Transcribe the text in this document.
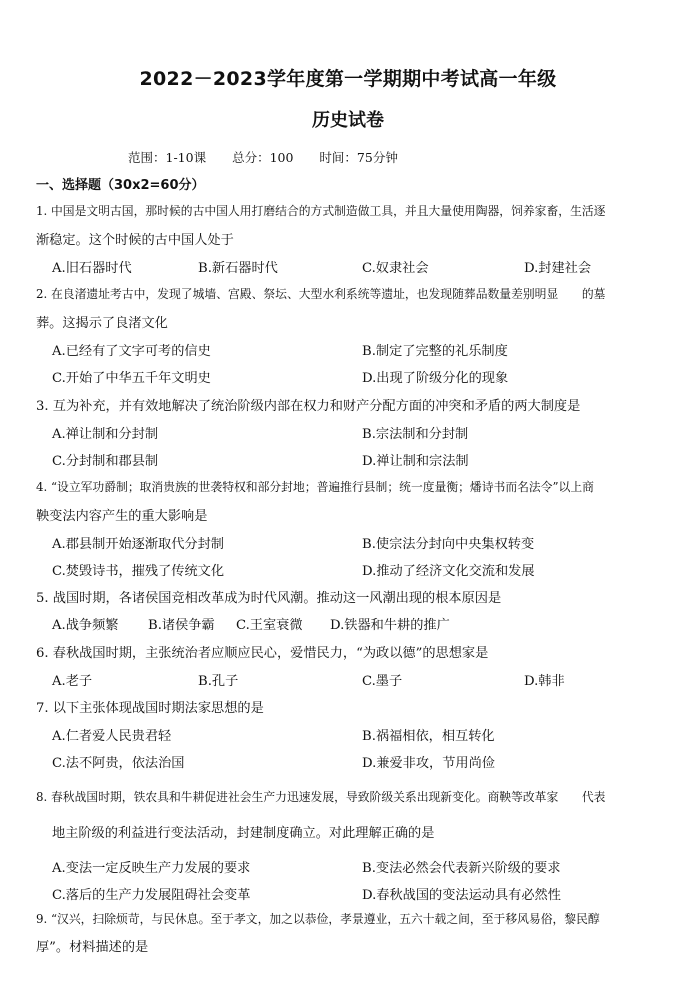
2022－2023学年度第一学期期中考试高一年级
历史试卷
范围：1-10课 总分：100 时间：75分钟
一、选择题（30x2=60分）
1. 中国是文明古国，那时候的古中国人用打磨结合的方式制造做工具，并且大量使用陶器，饲养家畜，生活逐
渐稳定。这个时候的古中国人处于
A.旧石器时代	B.新石器时代	C.奴隶社会	D.封建社会
2. 在良渚遗址考古中，发现了城墙、宫殿、祭坛、大型水利系统等遗址，也发现随葬品数量差别明显　　的墓
葬。这揭示了良渚文化
A.已经有了文字可考的信史	B.制定了完整的礼乐制度
C.开始了中华五千年文明史	D.出现了阶级分化的现象
3. 互为补充，并有效地解决了统治阶级内部在权力和财产分配方面的冲突和矛盾的两大制度是
A.禅让制和分封制	B.宗法制和分封制
C.分封制和郡县制	D.禅让制和宗法制
4. “设立军功爵制；取消贵族的世袭特权和部分封地；普遍推行县制；统一度量衡；燔诗书而名法令”以上商
鞅变法内容产生的重大影响是
A.郡县制开始逐渐取代分封制	B.使宗法分封向中央集权转变
C.焚毁诗书，摧残了传统文化	D.推动了经济文化交流和发展
5. 战国时期，各诸侯国竞相改革成为时代风潮。推动这一风潮出现的根本原因是
A.战争频繁 B.诸侯争霸 C.王室衰微 D.铁器和牛耕的推广
6. 春秋战国时期，主张统治者应顺应民心，爱惜民力，“为政以德”的思想家是
A.老子	B.孔子	C.墨子	D.韩非
7. 以下主张体现战国时期法家思想的是
A.仁者爱人民贵君轻	B.祸福相依，相互转化
C.法不阿贵，依法治国	D.兼爱非攻，节用尚俭
8. 春秋战国时期，铁农具和牛耕促进社会生产力迅速发展，导致阶级关系出现新变化。商鞅等改革家　　代表
地主阶级的利益进行变法活动，封建制度确立。对此理解正确的是
A.变法一定反映生产力发展的要求	B.变法必然会代表新兴阶级的要求
C.落后的生产力发展阻碍社会变革	D.春秋战国的变法运动具有必然性
9. “汉兴，扫除烦苛，与民休息。至于孝文，加之以恭俭，孝景遵业，五六十载之间，至于移风易俗，黎民醇
厚”。材料描述的是
